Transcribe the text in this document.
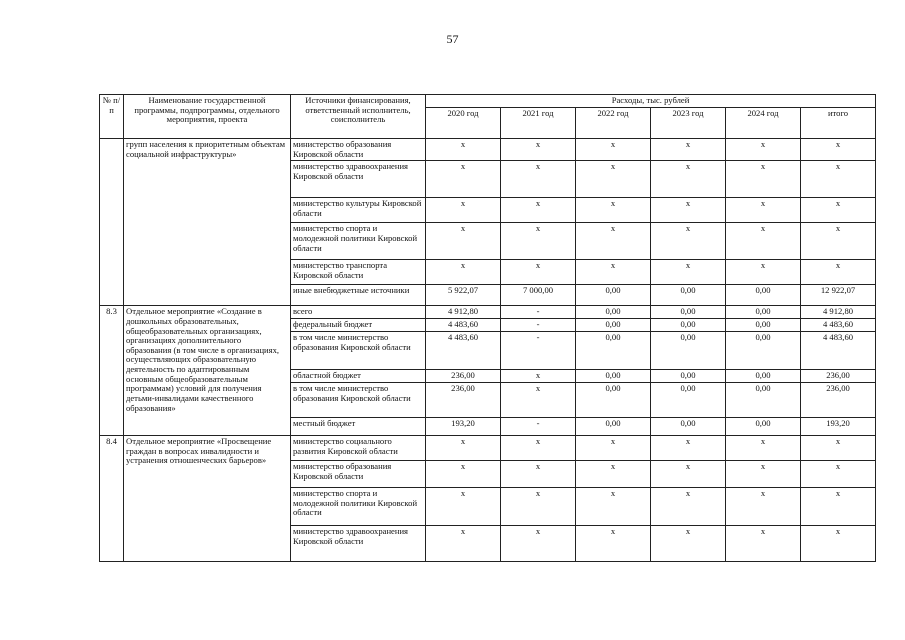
57
№ п/п	Наименование государственной программы, подпрограммы, отдельного мероприятия, проекта	Источники финансирования, ответственный исполнитель, соисполнитель	Расходы, тыс. рублей					
			2020 год	2021 год	2022 год	2023 год	2024 год	итого
	групп населения к приоритетным объектам социальной инфраструктуры»	министерство образования Кировской области	х	х	х	х	х	х
		министерство здравоохранения Кировской области	х	х	х	х	х	х
		министерство культуры Кировской области	х	х	х	х	х	х
		министерство спорта и молодежной политики Кировской области	х	х	х	х	х	х
		министерство транспорта Кировской области	х	х	х	х	х	х
		иные внебюджетные источники	5 922,07	7 000,00	0,00	0,00	0,00	12 922,07
8.3	Отдельное мероприятие «Создание в дошкольных образовательных, общеобразовательных организациях, организациях дополнительного образования (в том числе в организациях, осуществляющих образовательную деятельность по адаптированным основным общеобразовательным программам) условий для получения детьми-инвалидами качественного образования»	всего	4 912,80	-	0,00	0,00	0,00	4 912,80
		федеральный бюджет	4 483,60	-	0,00	0,00	0,00	4 483,60
		в том числе министерство образования Кировской области	4 483,60	-	0,00	0,00	0,00	4 483,60
		областной бюджет	236,00	х	0,00	0,00	0,00	236,00
		в том числе министерство образования Кировской области	236,00	х	0,00	0,00	0,00	236,00
		местный бюджет	193,20	-	0,00	0,00	0,00	193,20
8.4	Отдельное мероприятие «Просвещение граждан в вопросах инвалидности и устранения отношенческих барьеров»	министерство социального развития Кировской области	х	х	х	х	х	х
		министерство образования Кировской области	х	х	х	х	х	х
		министерство спорта и молодежной политики Кировской области	х	х	х	х	х	х
		министерство здравоохранения Кировской области	х	х	х	х	х	х
